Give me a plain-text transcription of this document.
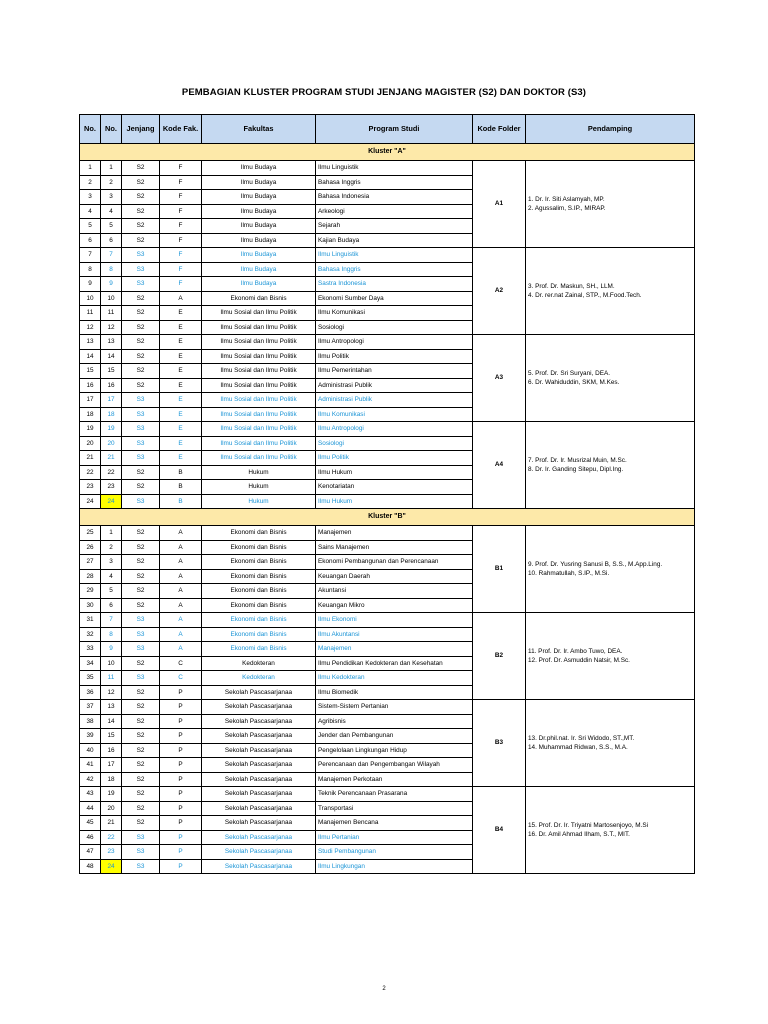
PEMBAGIAN KLUSTER PROGRAM STUDI JENJANG MAGISTER (S2) DAN DOKTOR (S3)
No.	No.	Jenjang	Kode Fak.	Fakultas	Program Studi	Kode Folder	Pendamping
Kluster "A"							
1	1	S2	F	Ilmu Budaya	Ilmu Linguistik	A1	1. Dr. Ir. Siti Aslamyah, MP.
2. Agussalim, S.IP., MIRAP.

2	2	S2	F	Ilmu Budaya	Bahasa Inggris		
3	3	S2	F	Ilmu Budaya	Bahasa Indonesia		
4	4	S2	F	Ilmu Budaya	Arkeologi		
5	5	S2	F	Ilmu Budaya	Sejarah		
6	6	S2	F	Ilmu Budaya	Kajian Budaya		
7	7	S3	F	Ilmu Budaya	Ilmu Linguistik	A2	3. Prof. Dr. Maskun, SH., LLM.
4. Dr. rer.nat Zainal, STP., M.Food.Tech.

8	8	S3	F	Ilmu Budaya	Bahasa Inggris		
9	9	S3	F	Ilmu Budaya	Sastra Indonesia		
10	10	S2	A	Ekonomi dan Bisnis	Ekonomi Sumber Daya		
11	11	S2	E	Ilmu Sosial dan Ilmu Politik	Ilmu Komunikasi		
12	12	S2	E	Ilmu Sosial dan Ilmu Politik	Sosiologi		
13	13	S2	E	Ilmu Sosial dan Ilmu Politik	Ilmu Antropologi	A3	5. Prof. Dr. Sri Suryani, DEA.
6. Dr. Wahiduddin, SKM, M.Kes.

14	14	S2	E	Ilmu Sosial dan Ilmu Politik	Ilmu Politik		
15	15	S2	E	Ilmu Sosial dan Ilmu Politik	Ilmu Pemerintahan		
16	16	S2	E	Ilmu Sosial dan Ilmu Politik	Administrasi Publik		
17	17	S3	E	Ilmu Sosial dan Ilmu Politik	Administrasi Publik		
18	18	S3	E	Ilmu Sosial dan Ilmu Politik	Ilmu Komunikasi		
19	19	S3	E	Ilmu Sosial dan Ilmu Politik	Ilmu Antropologi	A4	7. Prof. Dr. Ir. Musrizal Muin, M.Sc.
8. Dr. Ir. Ganding Sitepu, Dipl.Ing.

20	20	S3	E	Ilmu Sosial dan Ilmu Politik	Sosiologi		
21	21	S3	E	Ilmu Sosial dan Ilmu Politik	Ilmu Politik		
22	22	S2	B	Hukum	Ilmu Hukum		
23	23	S2	B	Hukum	Kenotariatan		
24	24	S3	B	Hukum	Ilmu Hukum		
Kluster "B"							
25	1	S2	A	Ekonomi dan Bisnis	Manajemen	B1	9. Prof. Dr. Yusring Sanusi B, S.S., M.App.Ling.
10. Rahmatullah, S.IP., M.Si.

26	2	S2	A	Ekonomi dan Bisnis	Sains Manajemen		
27	3	S2	A	Ekonomi dan Bisnis	Ekonomi Pembangunan dan Perencanaan		
28	4	S2	A	Ekonomi dan Bisnis	Keuangan Daerah		
29	5	S2	A	Ekonomi dan Bisnis	Akuntansi		
30	6	S2	A	Ekonomi dan Bisnis	Keuangan Mikro		
31	7	S3	A	Ekonomi dan Bisnis	Ilmu Ekonomi	B2	11. Prof. Dr. Ir. Ambo Tuwo, DEA.
12. Prof. Dr. Asmuddin Natsir, M.Sc.

32	8	S3	A	Ekonomi dan Bisnis	Ilmu Akuntansi		
33	9	S3	A	Ekonomi dan Bisnis	Manajemen		
34	10	S2	C	Kedokteran	Ilmu Pendidikan Kedokteran dan Kesehatan		
35	11	S3	C	Kedokteran	Ilmu Kedokteran		
36	12	S2	P	Sekolah Pascasarjanaa	Ilmu Biomedik		
37	13	S2	P	Sekolah Pascasarjanaa	Sistem-Sistem Pertanian	B3	13. Dr.phil.nat. Ir. Sri Widodo, ST.,MT.
14. Muhammad Ridwan, S.S., M.A.

38	14	S2	P	Sekolah Pascasarjanaa	Agribisnis		
39	15	S2	P	Sekolah Pascasarjanaa	Jender dan Pembangunan		
40	16	S2	P	Sekolah Pascasarjanaa	Pengelolaan Lingkungan Hidup		
41	17	S2	P	Sekolah Pascasarjanaa	Perencanaan dan Pengembangan Wilayah		
42	18	S2	P	Sekolah Pascasarjanaa	Manajemen Perkotaan		
43	19	S2	P	Sekolah Pascasarjanaa	Teknik Perencanaan Prasarana	B4	15. Prof. Dr. Ir. Triyatni Martosenjoyo, M.Si
16. Dr. Amil Ahmad Ilham, S.T., MIT.

44	20	S2	P	Sekolah Pascasarjanaa	Transportasi		
45	21	S2	P	Sekolah Pascasarjanaa	Manajemen Bencana		
46	22	S3	P	Sekolah Pascasarjanaa	Ilmu Pertanian		
47	23	S3	P	Sekolah Pascasarjanaa	Studi Pembangunan		
48	24	S3	P	Sekolah Pascasarjanaa	Ilmu Lingkungan		
2
